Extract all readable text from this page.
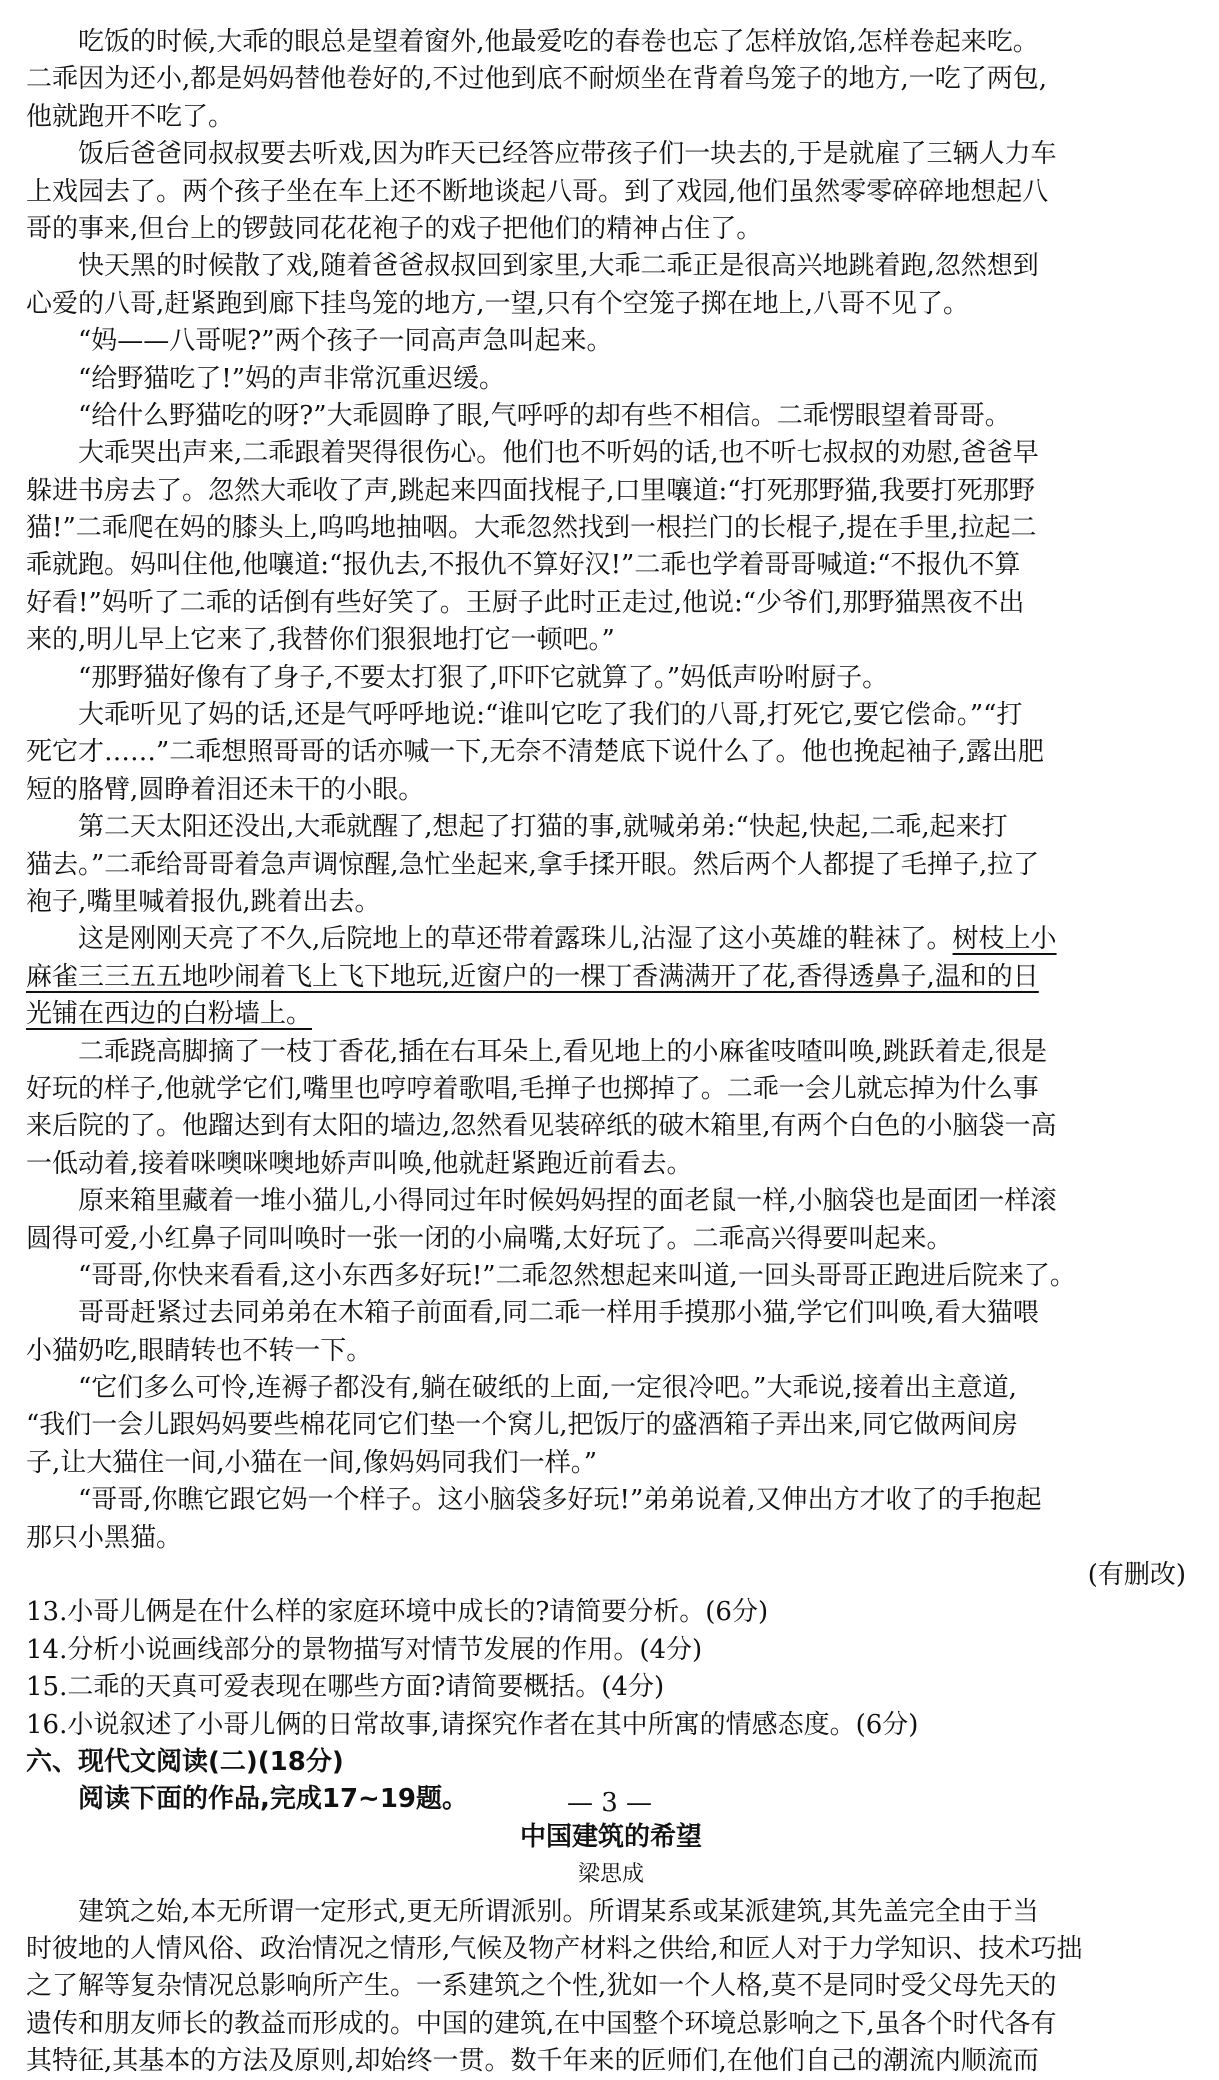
吃饭的时候,大乖的眼总是望着窗外,他最爱吃的春卷也忘了怎样放馅,怎样卷起来吃。
二乖因为还小,都是妈妈替他卷好的,不过他到底不耐烦坐在背着鸟笼子的地方,一吃了两包,
他就跑开不吃了。
饭后爸爸同叔叔要去听戏,因为昨天已经答应带孩子们一块去的,于是就雇了三辆人力车
上戏园去了。两个孩子坐在车上还不断地谈起八哥。到了戏园,他们虽然零零碎碎地想起八
哥的事来,但台上的锣鼓同花花袍子的戏子把他们的精神占住了。
快天黑的时候散了戏,随着爸爸叔叔回到家里,大乖二乖正是很高兴地跳着跑,忽然想到
心爱的八哥,赶紧跑到廊下挂鸟笼的地方,一望,只有个空笼子掷在地上,八哥不见了。
“妈——八哥呢?”两个孩子一同高声急叫起来。
“给野猫吃了!”妈的声非常沉重迟缓。
“给什么野猫吃的呀?”大乖圆睁了眼,气呼呼的却有些不相信。二乖愣眼望着哥哥。
大乖哭出声来,二乖跟着哭得很伤心。他们也不听妈的话,也不听七叔叔的劝慰,爸爸早
躲进书房去了。忽然大乖收了声,跳起来四面找棍子,口里嚷道:“打死那野猫,我要打死那野
猫!”二乖爬在妈的膝头上,呜呜地抽咽。大乖忽然找到一根拦门的长棍子,提在手里,拉起二
乖就跑。妈叫住他,他嚷道:“报仇去,不报仇不算好汉!”二乖也学着哥哥喊道:“不报仇不算
好看!”妈听了二乖的话倒有些好笑了。王厨子此时正走过,他说:“少爷们,那野猫黑夜不出
来的,明儿早上它来了,我替你们狠狠地打它一顿吧。”
“那野猫好像有了身子,不要太打狠了,吓吓它就算了。”妈低声吩咐厨子。
大乖听见了妈的话,还是气呼呼地说:“谁叫它吃了我们的八哥,打死它,要它偿命。”“打
死它才……”二乖想照哥哥的话亦喊一下,无奈不清楚底下说什么了。他也挽起袖子,露出肥
短的胳臂,圆睁着泪还未干的小眼。
第二天太阳还没出,大乖就醒了,想起了打猫的事,就喊弟弟:“快起,快起,二乖,起来打
猫去。”二乖给哥哥着急声调惊醒,急忙坐起来,拿手揉开眼。然后两个人都提了毛掸子,拉了
袍子,嘴里喊着报仇,跳着出去。
这是刚刚天亮了不久,后院地上的草还带着露珠儿,沾湿了这小英雄的鞋袜了。树枝上小
麻雀三三五五地吵闹着飞上飞下地玩,近窗户的一棵丁香满满开了花,香得透鼻子,温和的日
光铺在西边的白粉墙上。
二乖跷高脚摘了一枝丁香花,插在右耳朵上,看见地上的小麻雀吱喳叫唤,跳跃着走,很是
好玩的样子,他就学它们,嘴里也哼哼着歌唱,毛掸子也掷掉了。二乖一会儿就忘掉为什么事
来后院的了。他蹓达到有太阳的墙边,忽然看见装碎纸的破木箱里,有两个白色的小脑袋一高
一低动着,接着咪噢咪噢地娇声叫唤,他就赶紧跑近前看去。
原来箱里藏着一堆小猫儿,小得同过年时候妈妈捏的面老鼠一样,小脑袋也是面团一样滚
圆得可爱,小红鼻子同叫唤时一张一闭的小扁嘴,太好玩了。二乖高兴得要叫起来。
“哥哥,你快来看看,这小东西多好玩!”二乖忽然想起来叫道,一回头哥哥正跑进后院来了。
哥哥赶紧过去同弟弟在木箱子前面看,同二乖一样用手摸那小猫,学它们叫唤,看大猫喂
小猫奶吃,眼睛转也不转一下。
“它们多么可怜,连褥子都没有,躺在破纸的上面,一定很冷吧。”大乖说,接着出主意道,
“我们一会儿跟妈妈要些棉花同它们垫一个窝儿,把饭厅的盛酒箱子弄出来,同它做两间房
子,让大猫住一间,小猫在一间,像妈妈同我们一样。”
“哥哥,你瞧它跟它妈一个样子。这小脑袋多好玩!”弟弟说着,又伸出方才收了的手抱起
那只小黑猫。
(有删改)
13.小哥儿俩是在什么样的家庭环境中成长的?请简要分析。(6分)
14.分析小说画线部分的景物描写对情节发展的作用。(4分)
15.二乖的天真可爱表现在哪些方面?请简要概括。(4分)
16.小说叙述了小哥儿俩的日常故事,请探究作者在其中所寓的情感态度。(6分)
六、现代文阅读(二)(18分)
阅读下面的作品,完成17~19题。
中国建筑的希望
梁思成
建筑之始,本无所谓一定形式,更无所谓派别。所谓某系或某派建筑,其先盖完全由于当
时彼地的人情风俗、政治情况之情形,气候及物产材料之供给,和匠人对于力学知识、技术巧拙
之了解等复杂情况总影响所产生。一系建筑之个性,犹如一个人格,莫不是同时受父母先天的
遗传和朋友师长的教益而形成的。中国的建筑,在中国整个环境总影响之下,虽各个时代各有
其特征,其基本的方法及原则,却始终一贯。数千年来的匠师们,在他们自己的潮流内顺流而
— 3 —
